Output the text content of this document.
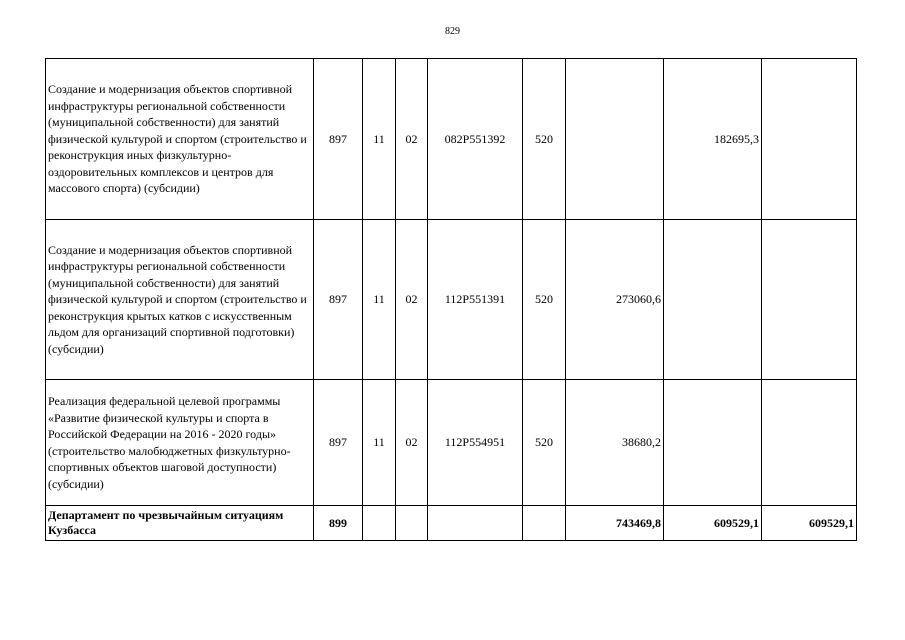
829
Создание и модернизация объектов спортивной инфраструктуры региональной собственности (муниципальной собственности) для занятий физической культурой и спортом (строительство и реконструкция иных физкультурно-оздоровительных комплексов и центров для массового спорта) (субсидии)	897	11	02	082P551392	520		182695,3	
Создание и модернизация объектов спортивной инфраструктуры региональной собственности (муниципальной собственности) для занятий физической культурой и спортом (строительство и реконструкция крытых катков с искусственным льдом для организаций спортивной подготовки) (субсидии)	897	11	02	112P551391	520	273060,6		
Реализация федеральной целевой программы «Развитие физической культуры и спорта в Российской Федерации на 2016 - 2020 годы» (строительство малобюджетных физкультурно-спортивных объектов шаговой доступности) (субсидии)	897	11	02	112P554951	520	38680,2		
Департамент по чрезвычайным ситуациям Кузбасса	899					743469,8	609529,1	609529,1
